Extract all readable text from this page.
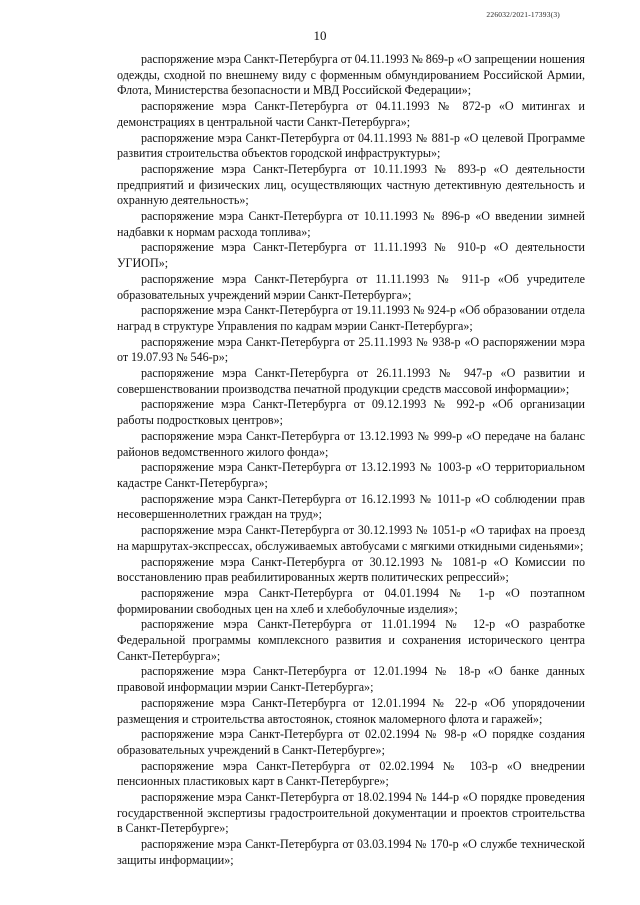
226032/2021-17393(3)
10

распоряжение мэра Санкт-Петербурга от 04.11.1993 № 869-р «О запрещении ношения одежды, сходной по внешнему виду с форменным обмундированием Российской Армии, Флота, Министерства безопасности и МВД Российской Федерации»;

распоряжение мэра Санкт-Петербурга от 04.11.1993 № 872-р «О митингах и демонстрациях в центральной части Санкт-Петербурга»;

распоряжение мэра Санкт-Петербурга от 04.11.1993 № 881-р «О целевой Программе развития строительства объектов городской инфраструктуры»;

распоряжение мэра Санкт-Петербурга от 10.11.1993 № 893-р «О деятельности предприятий и физических лиц, осуществляющих частную детективную деятельность и охранную деятельность»;

распоряжение мэра Санкт-Петербурга от 10.11.1993 № 896-р «О введении зимней надбавки к нормам расхода топлива»;

распоряжение мэра Санкт-Петербурга от 11.11.1993 № 910-р «О деятельности УГИОП»;

распоряжение мэра Санкт-Петербурга от 11.11.1993 № 911-р «Об учредителе образовательных учреждений мэрии Санкт-Петербурга»;

распоряжение мэра Санкт-Петербурга от 19.11.1993 № 924-р «Об образовании отдела наград в структуре Управления по кадрам мэрии Санкт-Петербурга»;

распоряжение мэра Санкт-Петербурга от 25.11.1993 № 938-р «О распоряжении мэра от 19.07.93 № 546-р»;

распоряжение мэра Санкт-Петербурга от 26.11.1993 № 947-р «О развитии и совершенствовании производства печатной продукции средств массовой информации»;

распоряжение мэра Санкт-Петербурга от 09.12.1993 № 992-р «Об организации работы подростковых центров»;

распоряжение мэра Санкт-Петербурга от 13.12.1993 № 999-р «О передаче на баланс районов ведомственного жилого фонда»;

распоряжение мэра Санкт-Петербурга от 13.12.1993 № 1003-р «О территориальном кадастре Санкт-Петербурга»;

распоряжение мэра Санкт-Петербурга от 16.12.1993 № 1011-р «О соблюдении прав несовершеннолетних граждан на труд»;

распоряжение мэра Санкт-Петербурга от 30.12.1993 № 1051-р «О тарифах на проезд на маршрутах-экспрессах, обслуживаемых автобусами с мягкими откидными сиденьями»;

распоряжение мэра Санкт-Петербурга от 30.12.1993 № 1081-р «О Комиссии по восстановлению прав реабилитированных жертв политических репрессий»;

распоряжение мэра Санкт-Петербурга от 04.01.1994 № 1-р «О поэтапном формировании свободных цен на хлеб и хлебобулочные изделия»;

распоряжение мэра Санкт-Петербурга от 11.01.1994 № 12-р «О разработке Федеральной программы комплексного развития и сохранения исторического центра Санкт-Петербурга»;

распоряжение мэра Санкт-Петербурга от 12.01.1994 № 18-р «О банке данных правовой информации мэрии Санкт-Петербурга»;

распоряжение мэра Санкт-Петербурга от 12.01.1994 № 22-р «Об упорядочении размещения и строительства автостоянок, стоянок маломерного флота и гаражей»;

распоряжение мэра Санкт-Петербурга от 02.02.1994 № 98-р «О порядке создания образовательных учреждений в Санкт-Петербурге»;

распоряжение мэра Санкт-Петербурга от 02.02.1994 № 103-р «О внедрении пенсионных пластиковых карт в Санкт-Петербурге»;

распоряжение мэра Санкт-Петербурга от 18.02.1994 № 144-р «О порядке проведения государственной экспертизы градостроительной документации и проектов строительства в Санкт-Петербурге»;

распоряжение мэра Санкт-Петербурга от 03.03.1994 № 170-р «О службе технической защиты информации»;
